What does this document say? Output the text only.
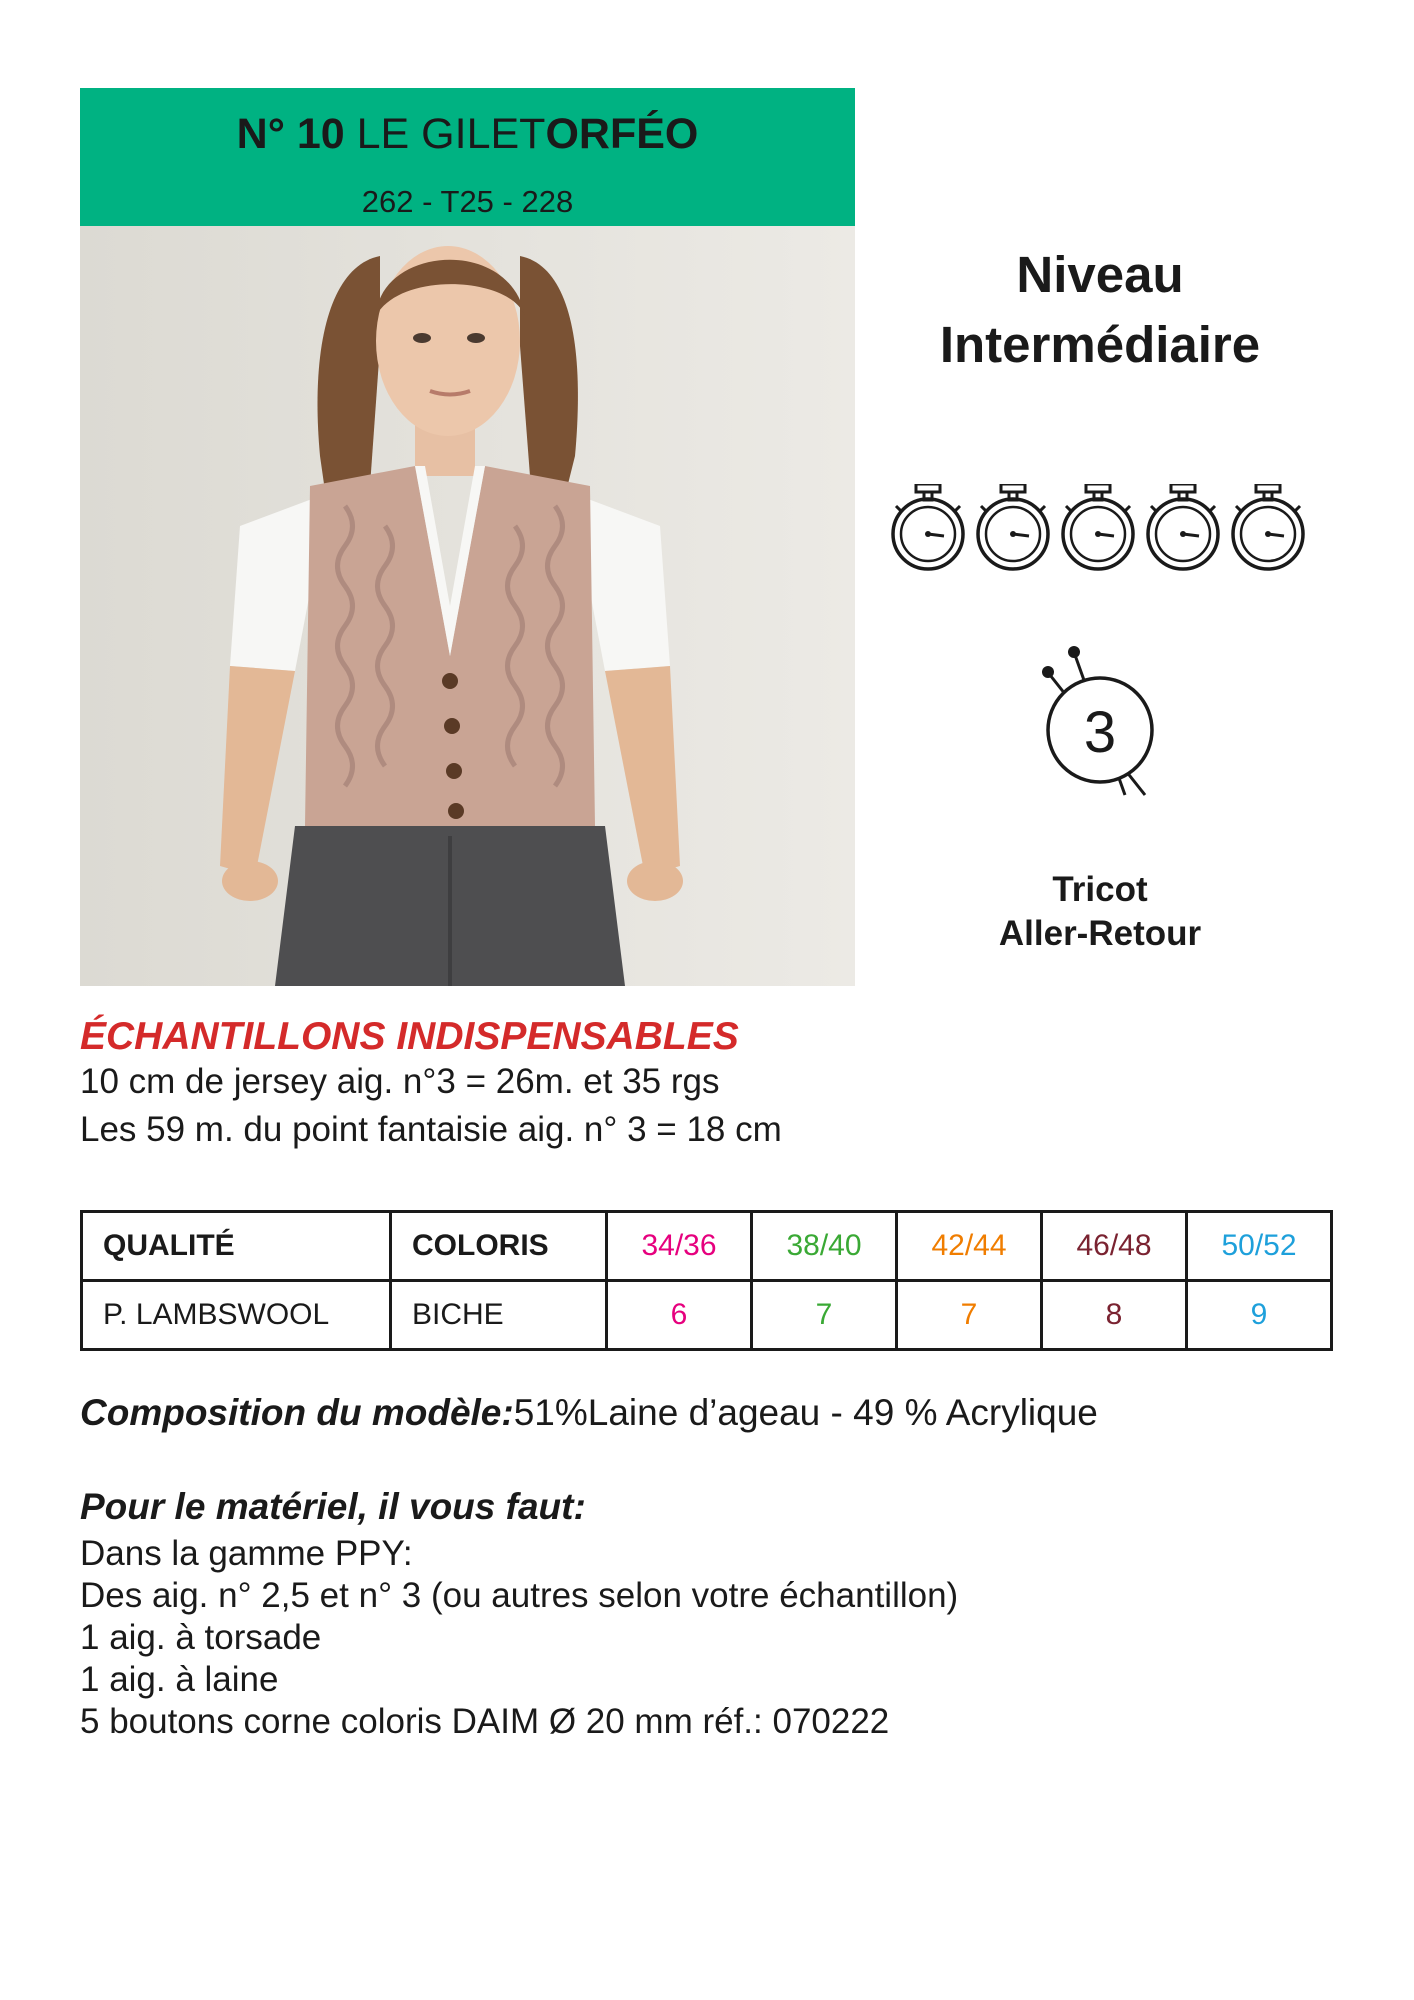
N° 10 LE GILETORFÉO
262 - T25 - 228
Niveau
Intermédiaire
3
Tricot
Aller-Retour
ÉCHANTILLONS INDISPENSABLES
10 cm de jersey aig. n°3 = 26m. et 35 rgs
Les 59 m. du point fantaisie aig. n° 3 = 18 cm
QUALITÉ	COLORIS	34/36	38/40	42/44	46/48	50/52
P. LAMBSWOOL	BICHE	6	7	7	8	9
Composition du modèle:51%Laine d’ageau - 49 % Acrylique
Pour le matériel, il vous faut:
Dans la gamme PPY:
Des aig. n° 2,5 et n° 3 (ou autres selon votre échantillon)
1 aig. à torsade
1 aig. à laine
5 boutons corne coloris DAIM Ø 20 mm réf.: 070222
